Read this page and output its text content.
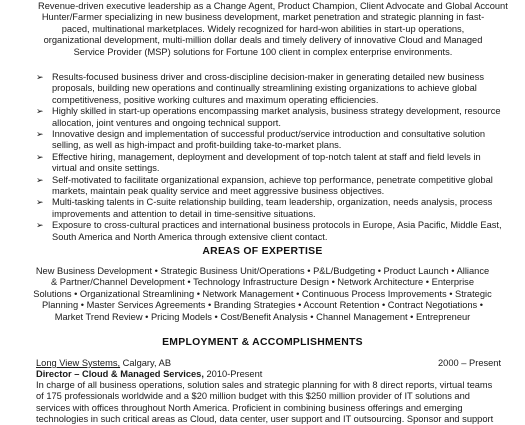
Revenue-driven executive leadership as a Change Agent, Product Champion, Client Advocate and Global Account
Hunter/Farmer specializing in new business development, market penetration and strategic planning in fast-
paced, multinational marketplaces. Widely recognized for hard-won abilities in start-up operations,
organizational development, multi-million dollar deals and timely delivery of innovative Cloud and Managed
Service Provider (MSP) solutions for Fortune 100 client in complex enterprise environments.
➢ Results-focused business driver and cross-discipline decision-maker in generating detailed new business
proposals, building new operations and continually streamlining existing organizations to achieve global
competitiveness, positive working cultures and maximum operating efficiencies.
➢ Highly skilled in start-up operations encompassing market analysis, business strategy development, resource
allocation, joint ventures and ongoing technical support.
➢ Innovative design and implementation of successful product/service introduction and consultative solution
selling, as well as high-impact and profit-building take-to-market plans.
➢ Effective hiring, management, deployment and development of top-notch talent at staff and field levels in
virtual and onsite settings.
➢ Self-motivated to facilitate organizational expansion, achieve top performance, penetrate competitive global
markets, maintain peak quality service and meet aggressive business objectives.
➢ Multi-tasking talents in C-suite relationship building, team leadership, organization, needs analysis, process
improvements and attention to detail in time-sensitive situations.
➢ Exposure to cross-cultural practices and international business protocols in Europe, Asia Pacific, Middle East,
South America and North America through extensive client contact.
AREAS OF EXPERTISE
New Business Development • Strategic Business Unit/Operations • P&L/Budgeting • Product Launch • Alliance
& Partner/Channel Development • Technology Infrastructure Design • Network Architecture • Enterprise
Solutions • Organizational Streamlining • Network Management • Continuous Process Improvements • Strategic
Planning • Master Services Agreements • Branding Strategies • Account Retention • Contract Negotiations •
Market Trend Review • Pricing Models • Cost/Benefit Analysis • Channel Management • Entrepreneur
EMPLOYMENT & ACCOMPLISHMENTS
Long View Systems, Calgary, AB	2000 – Present
Director – Cloud & Managed Services, 2010-Present
In charge of all business operations, solution sales and strategic planning for with 8 direct reports, virtual teams
of 175 professionals worldwide and a $20 million budget with this $250 million provider of IT solutions and
services with offices throughout North America. Proficient in combining business offerings and emerging
technologies in such critical areas as Cloud, data center, user support and IT outsourcing. Sponsor and support
